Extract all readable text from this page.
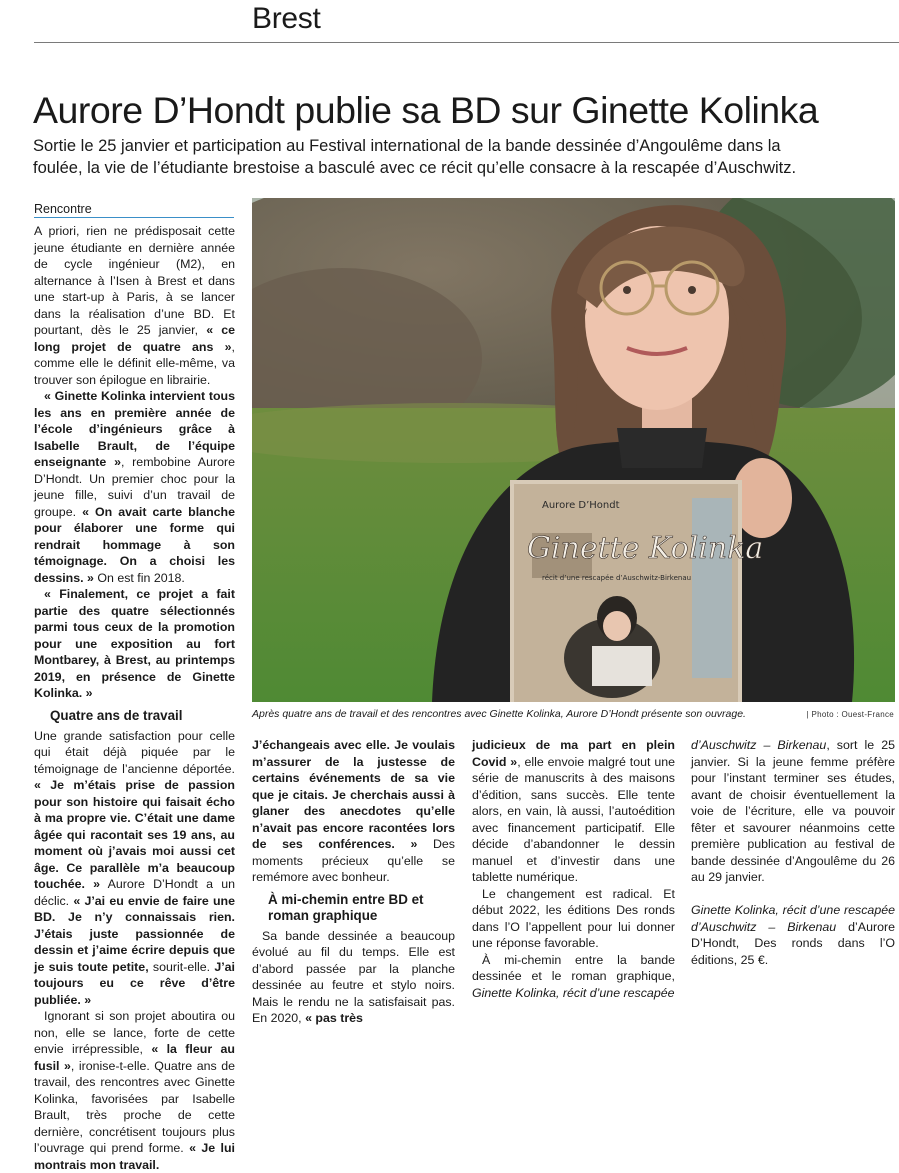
Brest
Aurore D’Hondt publie sa BD sur Ginette Kolinka
Sortie le 25 janvier et participation au Festival international de la bande dessinée d’Angoulême dans la foulée, la vie de l’étudiante brestoise a basculé avec ce récit qu’elle consacre à la rescapée d’Auschwitz.
Rencontre

A priori, rien ne prédisposait cette jeune étudiante en dernière année de cycle ingénieur (M2), en alternance à l’Isen à Brest et dans une start-up à Paris, à se lancer dans la réalisation d’une BD. Et pourtant, dès le 25 janvier, « ce long projet de quatre ans », comme elle le définit elle-même, va trouver son épilogue en librairie.

« Ginette Kolinka intervient tous les ans en première année de l’école d’ingénieurs grâce à Isabelle Brault, de l’équipe enseignante », rembobine Aurore D’Hondt. Un premier choc pour la jeune fille, suivi d’un travail de groupe. « On avait carte blanche pour élaborer une forme qui rendrait hommage à son témoignage. On a choisi les dessins. » On est fin 2018.

« Finalement, ce projet a fait partie des quatre sélectionnés parmi tous ceux de la promotion pour une exposition au fort Montbarey, à Brest, au printemps 2019, en présence de Ginette Kolinka. »

Quatre ans de travail

Une grande satisfaction pour celle qui était déjà piquée par le témoignage de l’ancienne déportée. « Je m’étais prise de passion pour son histoire qui faisait écho à ma propre vie. C’était une dame âgée qui racontait ses 19 ans, au moment où j’avais moi aussi cet âge. Ce parallèle m’a beaucoup touchée. » Aurore D’Hondt a un déclic. « J’ai eu envie de faire une BD. Je n’y connaissais rien. J’étais juste passionnée de dessin et j’aime écrire depuis que je suis toute petite, sourit-elle. J’ai toujours eu ce rêve d’être publiée. »

Ignorant si son projet aboutira ou non, elle se lance, forte de cette envie irrépressible, « la fleur au fusil », ironise-t-elle. Quatre ans de travail, des rencontres avec Ginette Kolinka, favorisées par Isabelle Brault, très proche de cette dernière, concrétisent toujours plus l’ouvrage qui prend forme. « Je lui montrais mon travail.

Aurore D’Hondt
Ginette Kolinka
récit d’une rescapée d’Auschwitz-Birkenau
Après quatre ans de travail et des rencontres avec Ginette Kolinka, Aurore D’Hondt présente son ouvrage.	| Photo : Ouest-France

J’échangeais avec elle. Je voulais m’assurer de la justesse de certains événements de sa vie que je citais. Je cherchais aussi à glaner des anecdotes qu’elle n’avait pas encore racontées lors de ses conférences. » Des moments précieux qu’elle se remémore avec bonheur.

À mi-chemin entre BD et roman graphique

Sa bande dessinée a beaucoup évolué au fil du temps. Elle est d’abord passée par la planche dessinée au feutre et stylo noirs. Mais le rendu ne la satisfaisait pas. En 2020, « pas très

judicieux de ma part en plein Covid », elle envoie malgré tout une série de manuscrits à des maisons d’édition, sans succès. Elle tente alors, en vain, là aussi, l’autoédition avec financement participatif. Elle décide d’abandonner le dessin manuel et d’investir dans une tablette numérique.

Le changement est radical. Et début 2022, les éditions Des ronds dans l’O l’appellent pour lui donner une réponse favorable.

À mi-chemin entre la bande dessinée et le roman graphique, Ginette Kolinka, récit d’une rescapée

d’Auschwitz – Birkenau, sort le 25 janvier. Si la jeune femme préfère pour l’instant terminer ses études, avant de choisir éventuellement la voie de l’écriture, elle va pouvoir fêter et savourer néanmoins cette première publication au festival de bande dessinée d’Angoulême du 26 au 29 janvier.

Ginette Kolinka, récit d’une rescapée d’Auschwitz – Birkenau d’Aurore D’Hondt, Des ronds dans l’O éditions, 25 €.
